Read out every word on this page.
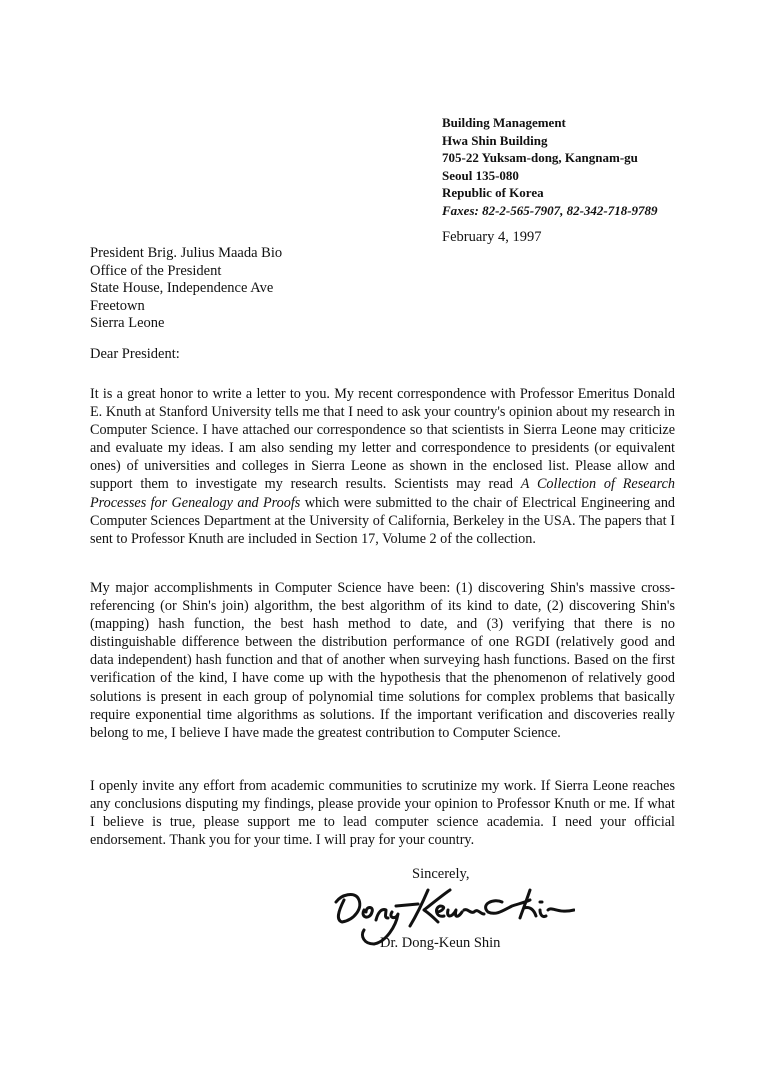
Building Management
Hwa Shin Building
705-22 Yuksam-dong, Kangnam-gu
Seoul 135-080
Republic of Korea
Faxes: 82-2-565-7907, 82-342-718-9789
February 4, 1997
President Brig. Julius Maada Bio
Office of the President
State House, Independence Ave
Freetown
Sierra Leone
Dear President:
It is a great honor to write a letter to you. My recent correspondence with Professor Emeritus Donald E. Knuth at Stanford University tells me that I need to ask your country's opinion about my research in Computer Science. I have attached our correspondence so that scientists in Sierra Leone may criticize and evaluate my ideas. I am also sending my letter and correspondence to presidents (or equivalent ones) of universities and colleges in Sierra Leone as shown in the enclosed list. Please allow and support them to investigate my research results. Scientists may read A Collection of Research Processes for Genealogy and Proofs which were submitted to the chair of Electrical Engineering and Computer Sciences Department at the University of California, Berkeley in the USA. The papers that I sent to Professor Knuth are included in Section 17, Volume 2 of the collection.
My major accomplishments in Computer Science have been: (1) discovering Shin's massive cross-referencing (or Shin's join) algorithm, the best algorithm of its kind to date, (2) discovering Shin's (mapping) hash function, the best hash method to date, and (3) verifying that there is no distinguishable difference between the distribution performance of one RGDI (relatively good and data independent) hash function and that of another when surveying hash functions. Based on the first verification of the kind, I have come up with the hypothesis that the phenomenon of relatively good solutions is present in each group of polynomial time solutions for complex problems that basically require exponential time algorithms as solutions. If the important verification and discoveries really belong to me, I believe I have made the greatest contribution to Computer Science.
I openly invite any effort from academic communities to scrutinize my work. If Sierra Leone reaches any conclusions disputing my findings, please provide your opinion to Professor Knuth or me. If what I believe is true, please support me to lead computer science academia. I need your official endorsement. Thank you for your time. I will pray for your country.
Sincerely,
Dr. Dong-Keun Shin
